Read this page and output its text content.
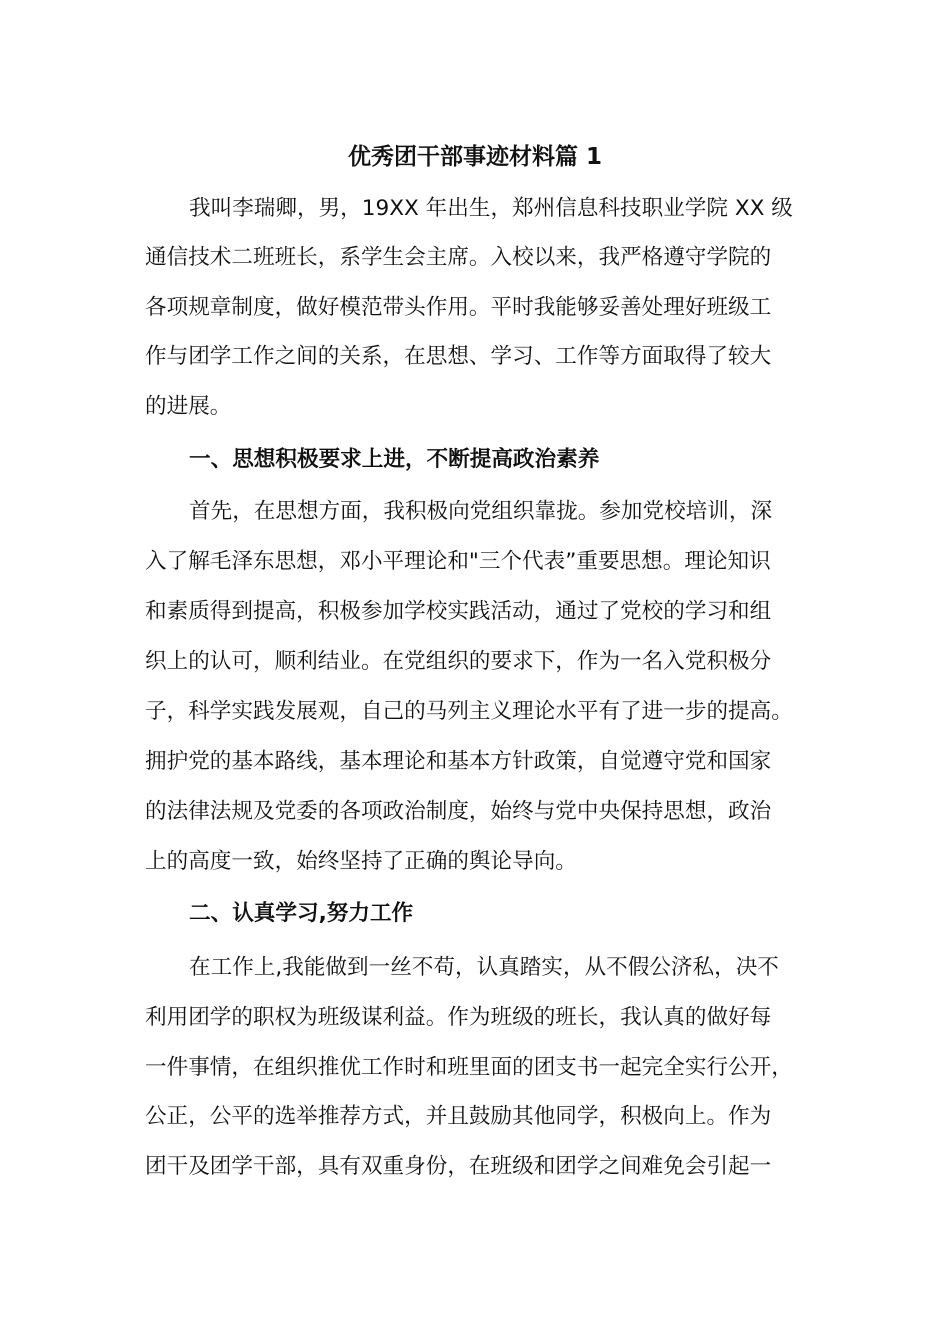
优秀团干部事迹材料篇 1
我叫李瑞卿，男，19XX 年出生，郑州信息科技职业学院 XX 级
通信技术二班班长，系学生会主席。入校以来，我严格遵守学院的
各项规章制度，做好模范带头作用。平时我能够妥善处理好班级工
作与团学工作之间的关系，在思想、学习、工作等方面取得了较大
的进展。
一、思想积极要求上进，不断提高政治素养
首先，在思想方面，我积极向党组织靠拢。参加党校培训，深
入了解毛泽东思想，邓小平理论和"三个代表”重要思想。理论知识
和素质得到提高，积极参加学校实践活动，通过了党校的学习和组
织上的认可，顺利结业。在党组织的要求下，作为一名入党积极分
子，科学实践发展观，自己的马列主义理论水平有了进一步的提高。
拥护党的基本路线，基本理论和基本方针政策，自觉遵守党和国家
的法律法规及党委的各项政治制度，始终与党中央保持思想，政治
上的高度一致，始终坚持了正确的舆论导向。
二、认真学习,努力工作
在工作上,我能做到一丝不苟，认真踏实，从不假公济私，决不
利用团学的职权为班级谋利益。作为班级的班长，我认真的做好每
一件事情，在组织推优工作时和班里面的团支书一起完全实行公开，
公正，公平的选举推荐方式，并且鼓励其他同学，积极向上。作为
团干及团学干部，具有双重身份，在班级和团学之间难免会引起一
